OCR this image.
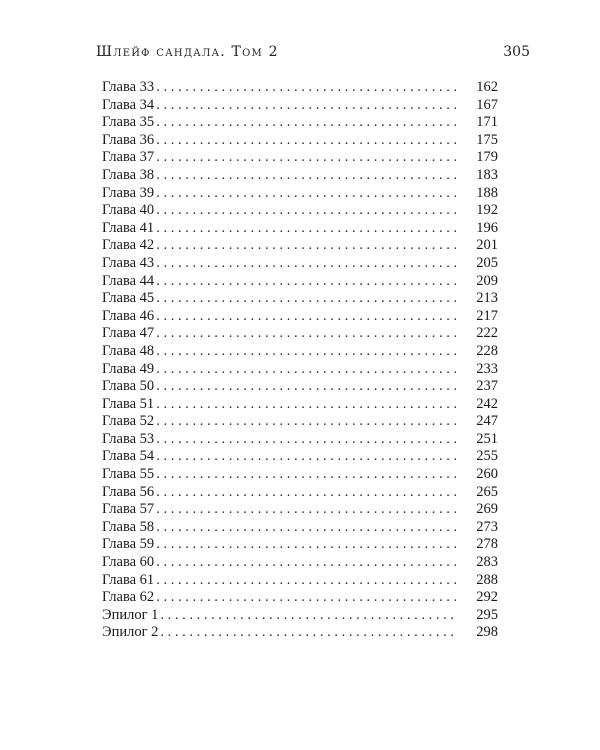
Шлейф сандала. Том 2	305
Глава 33 . . .	162
Глава 34 . . .	167
Глава 35 . . .	171
Глава 36 . . .	175
Глава 37 . . .	179
Глава 38 . . .	183
Глава 39 . . .	188
Глава 40 . . .	192
Глава 41 . . .	196
Глава 42 . . .	201
Глава 43 . . .	205
Глава 44 . . .	209
Глава 45 . . .	213
Глава 46 . . .	217
Глава 47 . . .	222
Глава 48 . . .	228
Глава 49 . . .	233
Глава 50 . . .	237
Глава 51 . . .	242
Глава 52 . . .	247
Глава 53 . . .	251
Глава 54 . . .	255
Глава 55 . . .	260
Глава 56 . . .	265
Глава 57 . . .	269
Глава 58 . . .	273
Глава 59 . . .	278
Глава 60 . . .	283
Глава 61 . . .	288
Глава 62 . . .	292
Эпилог 1 . . .	295
Эпилог 2 . . .	298
